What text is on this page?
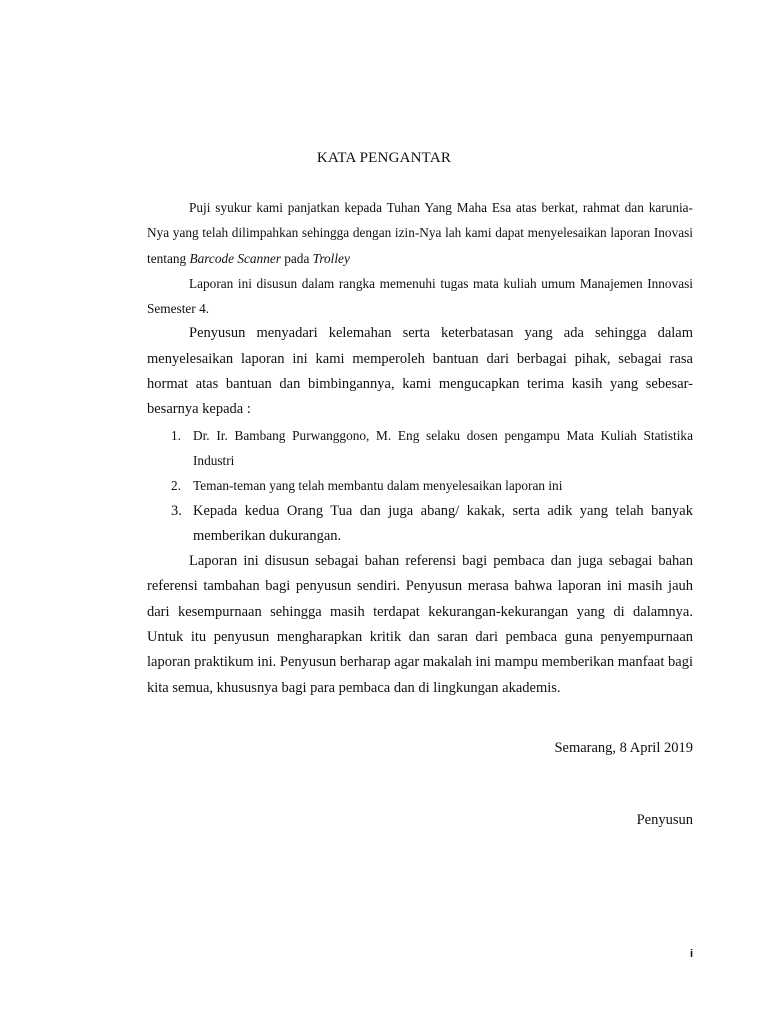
KATA PENGANTAR

Puji syukur kami panjatkan kepada Tuhan Yang Maha Esa atas berkat, rahmat dan karunia-Nya yang telah dilimpahkan sehingga dengan izin-Nya lah kami dapat menyelesaikan laporan Inovasi tentang Barcode Scanner pada Trolley

Laporan ini disusun dalam rangka memenuhi tugas mata kuliah umum Manajemen Innovasi Semester 4.

Penyusun menyadari kelemahan serta keterbatasan yang ada sehingga dalam menyelesaikan laporan ini kami memperoleh bantuan dari berbagai pihak, sebagai rasa hormat atas bantuan dan bimbingannya, kami mengucapkan terima kasih yang sebesar-besarnya kepada :

1. Dr. Ir. Bambang Purwanggono, M. Eng selaku dosen pengampu Mata Kuliah Statistika Industri
2. Teman-teman yang telah membantu dalam menyelesaikan laporan ini
3. Kepada kedua Orang Tua dan juga abang/ kakak, serta adik yang telah banyak memberikan dukurangan.

Laporan ini disusun sebagai bahan referensi bagi pembaca dan juga sebagai bahan referensi tambahan bagi penyusun sendiri. Penyusun merasa bahwa laporan ini masih jauh dari kesempurnaan sehingga masih terdapat kekurangan-kekurangan yang di dalamnya. Untuk itu penyusun mengharapkan kritik dan saran dari pembaca guna penyempurnaan laporan praktikum ini. Penyusun berharap agar makalah ini mampu memberikan manfaat bagi kita semua, khususnya bagi para pembaca dan di lingkungan akademis.

Semarang, 8 April 2019
Penyusun
i
